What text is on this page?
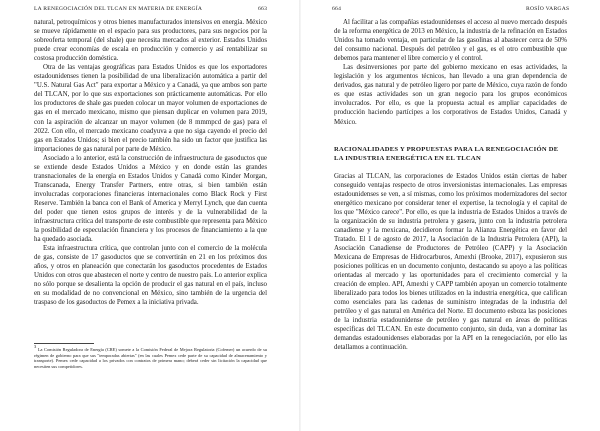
LA RENEGOCIACIÓN DEL TLCAN EN MATERIA DE ENERGÍA	663

natural, petroquímicos y otros bienes manufacturados intensivos en energía. México se mueve rápidamente en el espacio para sus productores, para sus negocios por la sobreoferta temporal (del shale) que necesita mercados al exterior. Estados Unidos puede crear economías de escala en producción y comercio y así rentabilizar su costosa producción doméstica.

Otra de las ventajas geográficas para Estados Unidos es que los exportadores estadounidenses tienen la posibilidad de una liberalización automática a partir del "U.S. Natural Gas Act" para exportar a México y a Canadá, ya que ambos son parte del TLCAN, por lo que sus exportaciones son prácticamente automáticas. Por ello los productores de shale gas pueden colocar un mayor volumen de exportaciones de gas en el mercado mexicano, mismo que piensan duplicar en volumen para 2019, con la aspiración de alcanzar un mayor volumen (de 8 mmmpcd de gas) para el 2022. Con ello, el mercado mexicano coadyuva a que no siga cayendo el precio del gas en Estados Unidos; si bien el precio también ha sido un factor que justifica las importaciones de gas natural por parte de México.

Asociado a lo anterior, está la construcción de infraestructura de gasoductos que se extiende desde Estados Unidos a México y en donde están las grandes transnacionales de la energía en Estados Unidos y Canadá como Kinder Morgan, Transcanada, Energy Transfer Partners, entre otras, si bien también están involucradas corporaciones financieras internacionales como Black Rock y First Reserve. También la banca con el Bank of America y Merryl Lynch, que dan cuenta del poder que tienen estos grupos de interés y de la vulnerabilidad de la infraestructura crítica del transporte de este combustible que representa para México la posibilidad de especulación financiera y los procesos de financiamiento a la que ha quedado asociada.

Esta infraestructura crítica, que controlan junto con el comercio de la molécula de gas, consiste de 17 gasoductos que se convertirán en 21 en los próximos dos años, y otros en planeación que conectarán los gasoductos procedentes de Estados Unidos con otros que abastecen el norte y centro de nuestro país. Lo anterior explica no sólo porque se desalienta la opción de producir el gas natural en el país, incluso en su modalidad de no convencional en México, sino también de la urgencia del traspaso de los gasoductos de Pemex a la iniciativa privada.

$^3$ La Comisión Reguladora de Energía (CRE) somete a la Comisión Federal de Mejora Regulatoria (Cofemer) un acuerdo de su régimen de gobierno para que sus "temporadas abiertas" (en las cuales Pemex cede parte de su capacidad de almacenamiento y transporte). Pemex cede capacidad a los privados con contratos de primera mano; deberá ceder sin licitación la capacidad que necesiten sus competidores.
664	ROSÍO VARGAS

Al facilitar a las compañías estadounidenses el acceso al nuevo mercado después de la reforma energética de 2013 en México, la industria de la refinación en Estados Unidos ha tomado ventaja, en particular de las gasolinas al abastecer cerca de 50% del consumo nacional. Después del petróleo y el gas, es el otro combustible que debemos para mantener el libre comercio y el control.

Las desinversiones por parte del gobierno mexicano en esas actividades, la legislación y los argumentos técnicos, han llevado a una gran dependencia de derivados, gas natural y de petróleo ligero por parte de México, cuya razón de fondo es que estas actividades son un gran negocio para los grupos económicos involucrados. Por ello, es que la propuesta actual es ampliar capacidades de producción haciendo partícipes a los corporativos de Estados Unidos, Canadá y México.

RACIONALIDADES Y PROPUESTAS PARA LA RENEGOCIACIÓN DE LA INDUSTRIA ENERGÉTICA EN EL TLCAN

Gracias al TLCAN, las corporaciones de Estados Unidos están ciertas de haber conseguido ventajas respecto de otros inversionistas internacionales. Las empresas estadounidenses se ven, a sí mismas, como los próximos modernizadores del sector energético mexicano por considerar tener el expertise, la tecnología y el capital de los que "México carece". Por ello, es que la industria de Estados Unidos a través de la organización de su industria petrolera y gasera, junto con la industria petrolera canadiense y la mexicana, decidieron formar la Alianza Energética en favor del Tratado. El 1 de agosto de 2017, la Asociación de la Industria Petrolera (API), la Asociación Canadiense de Productores de Petróleo (CAPP) y la Asociación Mexicana de Empresas de Hidrocarburos, Amexhi (Brooke, 2017), expusieron sus posiciones políticas en un documento conjunto, destacando su apoyo a las políticas orientadas al mercado y las oportunidades para el crecimiento comercial y la creación de empleo. API, Amexhi y CAPP también apoyan un comercio totalmente liberalizado para todos los bienes utilizados en la industria energética, que califican como esenciales para las cadenas de suministro integradas de la industria del petróleo y el gas natural en América del Norte. El documento esboza las posiciones de la industria estadounidense de petróleo y gas natural en áreas de políticas específicas del TLCAN. En este documento conjunto, sin duda, van a dominar las demandas estadounidenses elaboradas por la API en la renegociación, por ello las detallamos a continuación.
